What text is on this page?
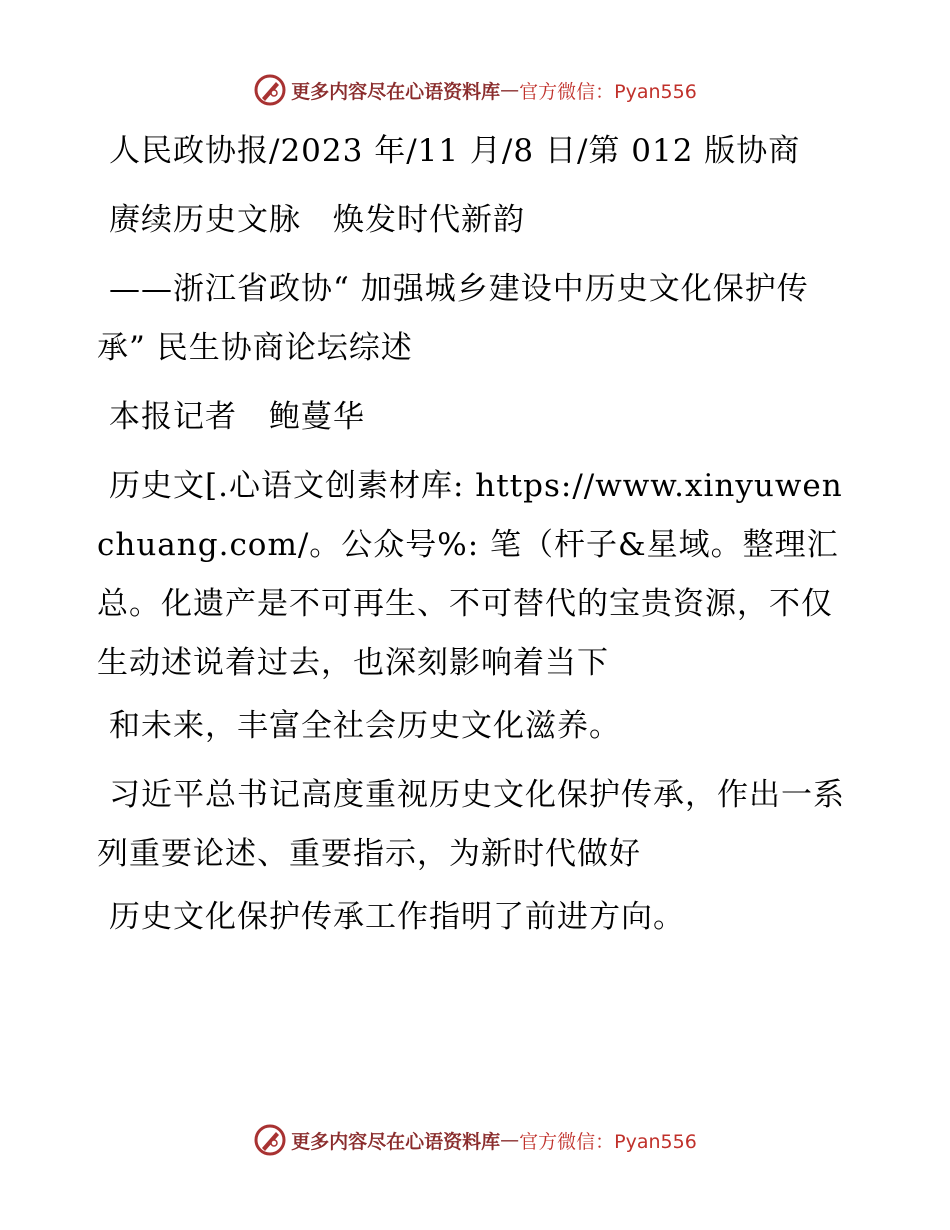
更多内容尽在心语资料库 — 官方微信：Pyan556

人民政协报/2023 年/11 月/8 日/第 012 版协商

赓续历史文脉　焕发时代新韵

——浙江省政协“ 加强城乡建设中历史文化保护传承” 民生协商论坛综述

本报记者　鲍蔓华

历史文[.心语文创素材库: https://www.xinyuwenchuang.com/。公众号%: 笔（杆子&星域。整理汇总。化遗产是不可再生、不可替代的宝贵资源，不仅生动述说着过去，也深刻影响着当下

和未来，丰富全社会历史文化滋养。

习近平总书记高度重视历史文化保护传承，作出一系列重要论述、重要指示，为新时代做好

历史文化保护传承工作指明了前进方向。

更多内容尽在心语资料库 — 官方微信：Pyan556
